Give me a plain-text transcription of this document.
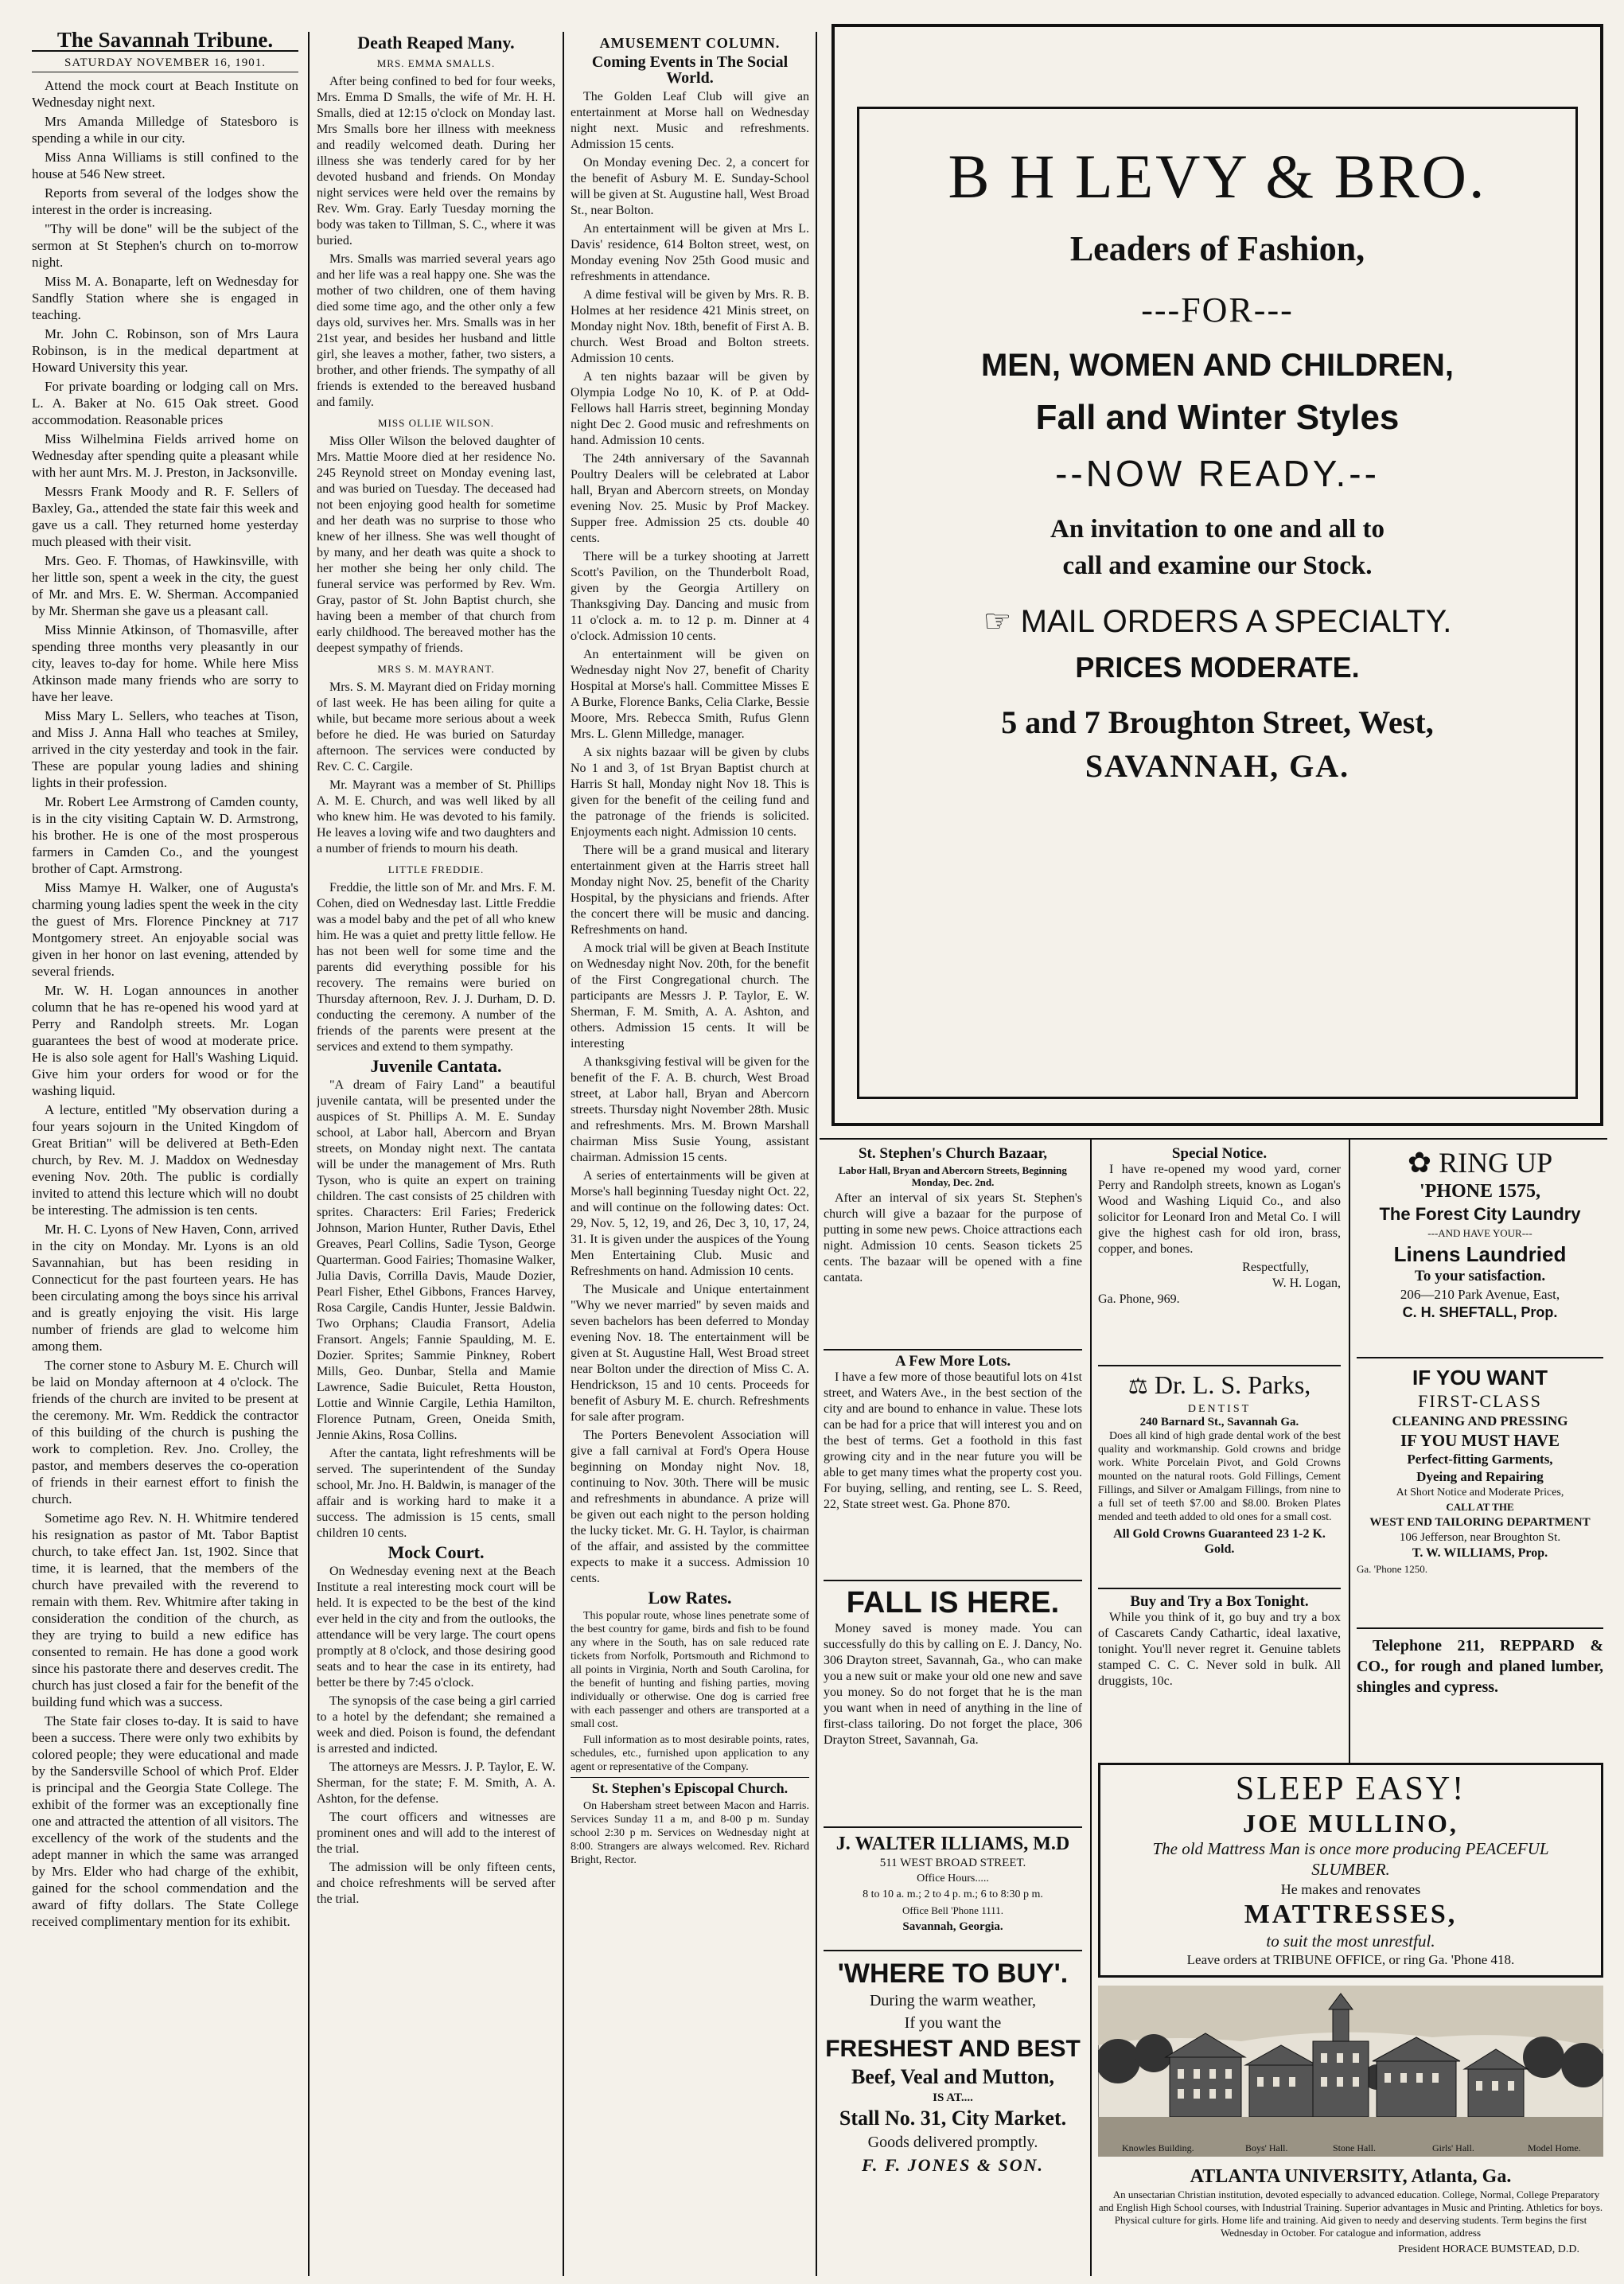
The Savannah Tribune.
SATURDAY NOVEMBER 16, 1901.

Attend the mock court at Beach Institute on Wednesday night next.

Mrs Amanda Milledge of Statesboro is spending a while in our city.

Miss Anna Williams is still confined to the house at 546 New street.

Reports from several of the lodges show the interest in the order is increasing.

"Thy will be done" will be the subject of the sermon at St Stephen's church on to-morrow night.

Miss M. A. Bonaparte, left on Wednesday for Sandfly Station where she is engaged in teaching.

Mr. John C. Robinson, son of Mrs Laura Robinson, is in the medical department at Howard University this year.

For private boarding or lodging call on Mrs. L. A. Baker at No. 615 Oak street. Good accommodation. Reasonable prices

Miss Wilhelmina Fields arrived home on Wednesday after spending quite a pleasant while with her aunt Mrs. M. J. Preston, in Jacksonville.

Messrs Frank Moody and R. F. Sellers of Baxley, Ga., attended the state fair this week and gave us a call. They returned home yesterday much pleased with their visit.

Mrs. Geo. F. Thomas, of Hawkinsville, with her little son, spent a week in the city, the guest of Mr. and Mrs. E. W. Sherman. Accompanied by Mr. Sherman she gave us a pleasant call.

Miss Minnie Atkinson, of Thomasville, after spending three months very pleasantly in our city, leaves to-day for home. While here Miss Atkinson made many friends who are sorry to have her leave.

Miss Mary L. Sellers, who teaches at Tison, and Miss J. Anna Hall who teaches at Smiley, arrived in the city yesterday and took in the fair. These are popular young ladies and shining lights in their profession.

Mr. Robert Lee Armstrong of Camden county, is in the city visiting Captain W. D. Armstrong, his brother. He is one of the most prosperous farmers in Camden Co., and the youngest brother of Capt. Armstrong.

Miss Mamye H. Walker, one of Augusta's charming young ladies spent the week in the city the guest of Mrs. Florence Pinckney at 717 Montgomery street. An enjoyable social was given in her honor on last evening, attended by several friends.

Mr. W. H. Logan announces in another column that he has re-opened his wood yard at Perry and Randolph streets. Mr. Logan guarantees the best of wood at moderate price. He is also sole agent for Hall's Washing Liquid. Give him your orders for wood or for the washing liquid.

A lecture, entitled "My observation during a four years sojourn in the United Kingdom of Great Britian" will be delivered at Beth-Eden church, by Rev. M. J. Maddox on Wednesday evening Nov. 20th. The public is cordially invited to attend this lecture which will no doubt be interesting. The admission is ten cents.

Mr. H. C. Lyons of New Haven, Conn, arrived in the city on Monday. Mr. Lyons is an old Savannahian, but has been residing in Connecticut for the past fourteen years. He has been circulating among the boys since his arrival and is greatly enjoying the visit. His large number of friends are glad to welcome him among them.

The corner stone to Asbury M. E. Church will be laid on Monday afternoon at 4 o'clock. The friends of the church are invited to be present at the ceremony. Mr. Wm. Reddick the contractor of this building of the church is pushing the work to completion. Rev. Jno. Crolley, the pastor, and members deserves the co-operation of friends in their earnest effort to finish the church.

Sometime ago Rev. N. H. Whitmire tendered his resignation as pastor of Mt. Tabor Baptist church, to take effect Jan. 1st, 1902. Since that time, it is learned, that the members of the church have prevailed with the reverend to remain with them. Rev. Whitmire after taking in consideration the condition of the church, as they are trying to build a new edifice has consented to remain. He has done a good work since his pastorate there and deserves credit. The church has just closed a fair for the benefit of the building fund which was a success.

The State fair closes to-day. It is said to have been a success. There were only two exhibits by colored people; they were educational and made by the Sandersville School of which Prof. Elder is principal and the Georgia State College. The exhibit of the former was an exceptionally fine one and attracted the attention of all visitors. The excellency of the work of the students and the adept manner in which the same was arranged by Mrs. Elder who had charge of the exhibit, gained for the school commendation and the award of fifty dollars. The State College received complimentary mention for its exhibit.

Death Reaped Many.
MRS. EMMA SMALLS.

After being confined to bed for four weeks, Mrs. Emma D Smalls, the wife of Mr. H. H. Smalls, died at 12:15 o'clock on Monday last. Mrs Smalls bore her illness with meekness and readily welcomed death. During her illness she was tenderly cared for by her devoted husband and friends. On Monday night services were held over the remains by Rev. Wm. Gray. Early Tuesday morning the body was taken to Tillman, S. C., where it was buried.

Mrs. Smalls was married several years ago and her life was a real happy one. She was the mother of two children, one of them having died some time ago, and the other only a few days old, survives her. Mrs. Smalls was in her 21st year, and besides her husband and little girl, she leaves a mother, father, two sisters, a brother, and other friends. The sympathy of all friends is extended to the bereaved husband and family.

MISS OLLIE WILSON.

Miss Oller Wilson the beloved daughter of Mrs. Mattie Moore died at her residence No. 245 Reynold street on Monday evening last, and was buried on Tuesday. The deceased had not been enjoying good health for sometime and her death was no surprise to those who knew of her illness. She was well thought of by many, and her death was quite a shock to her mother she being her only child. The funeral service was performed by Rev. Wm. Gray, pastor of St. John Baptist church, she having been a member of that church from early childhood. The bereaved mother has the deepest sympathy of friends.

MRS S. M. MAYRANT.

Mrs. S. M. Mayrant died on Friday morning of last week. He has been ailing for quite a while, but became more serious about a week before he died. He was buried on Saturday afternoon. The services were conducted by Rev. C. C. Cargile.

Mr. Mayrant was a member of St. Phillips A. M. E. Church, and was well liked by all who knew him. He was devoted to his family. He leaves a loving wife and two daughters and a number of friends to mourn his death.

LITTLE FREDDIE.

Freddie, the little son of Mr. and Mrs. F. M. Cohen, died on Wednesday last. Little Freddie was a model baby and the pet of all who knew him. He was a quiet and pretty little fellow. He has not been well for some time and the parents did everything possible for his recovery. The remains were buried on Thursday afternoon, Rev. J. J. Durham, D. D. conducting the ceremony. A number of the friends of the parents were present at the services and extend to them sympathy.

Juvenile Cantata.

"A dream of Fairy Land" a beautiful juvenile cantata, will be presented under the auspices of St. Phillips A. M. E. Sunday school, at Labor hall, Abercorn and Bryan streets, on Monday night next. The cantata will be under the management of Mrs. Ruth Tyson, who is quite an expert on training children. The cast consists of 25 children with sprites. Characters: Eril Faries; Frederick Johnson, Marion Hunter, Ruther Davis, Ethel Greaves, Pearl Collins, Sadie Tyson, George Quarterman. Good Fairies; Thomasine Walker, Julia Davis, Corrilla Davis, Maude Dozier, Pearl Fisher, Ethel Gibbons, Frances Harvey, Rosa Cargile, Candis Hunter, Jessie Baldwin. Two Orphans; Claudia Fransort, Adelia Fransort. Angels; Fannie Spaulding, M. E. Dozier. Sprites; Sammie Pinkney, Robert Mills, Geo. Dunbar, Stella and Mamie Lawrence, Sadie Buiculet, Retta Houston, Lottie and Winnie Cargile, Lethia Hamilton, Florence Putnam, Green, Oneida Smith, Jennie Akins, Rosa Collins.

After the cantata, light refreshments will be served. The superintendent of the Sunday school, Mr. Jno. H. Baldwin, is manager of the affair and is working hard to make it a success. The admission is 15 cents, small children 10 cents.

Mock Court.

On Wednesday evening next at the Beach Institute a real interesting mock court will be held. It is expected to be the best of the kind ever held in the city and from the outlooks, the attendance will be very large. The court opens promptly at 8 o'clock, and those desiring good seats and to hear the case in its entirety, had better be there by 7:45 o'clock.

The synopsis of the case being a girl carried to a hotel by the defendant; she remained a week and died. Poison is found, the defendant is arrested and indicted.

The attorneys are Messrs. J. P. Taylor, E. W. Sherman, for the state; F. M. Smith, A. A. Ashton, for the defense.

The court officers and witnesses are prominent ones and will add to the interest of the trial.

The admission will be only fifteen cents, and choice refreshments will be served after the trial.

AMUSEMENT COLUMN.
Coming Events in The Social World.

The Golden Leaf Club will give an entertainment at Morse hall on Wednesday night next. Music and refreshments. Admission 15 cents.

On Monday evening Dec. 2, a concert for the benefit of Asbury M. E. Sunday-School will be given at St. Augustine hall, West Broad St., near Bolton.

An entertainment will be given at Mrs L. Davis' residence, 614 Bolton street, west, on Monday evening Nov 25th Good music and refreshments in attendance.

A dime festival will be given by Mrs. R. B. Holmes at her residence 421 Minis street, on Monday night Nov. 18th, benefit of First A. B. church. West Broad and Bolton streets. Admission 10 cents.

A ten nights bazaar will be given by Olympia Lodge No 10, K. of P. at Odd-Fellows hall Harris street, beginning Monday night Dec 2. Good music and refreshments on hand. Admission 10 cents.

The 24th anniversary of the Savannah Poultry Dealers will be celebrated at Labor hall, Bryan and Abercorn streets, on Monday evening Nov. 25. Music by Prof Mackey. Supper free. Admission 25 cts. double 40 cents.

There will be a turkey shooting at Jarrett Scott's Pavilion, on the Thunderbolt Road, given by the Georgia Artillery on Thanksgiving Day. Dancing and music from 11 o'clock a. m. to 12 p. m. Dinner at 4 o'clock. Admission 10 cents.

An entertainment will be given on Wednesday night Nov 27, benefit of Charity Hospital at Morse's hall. Committee Misses E A Burke, Florence Banks, Celia Clarke, Bessie Moore, Mrs. Rebecca Smith, Rufus Glenn Mrs. L. Glenn Milledge, manager.

A six nights bazaar will be given by clubs No 1 and 3, of 1st Bryan Baptist church at Harris St hall, Monday night Nov 18. This is given for the benefit of the ceiling fund and the patronage of the friends is solicited. Enjoyments each night. Admission 10 cents.

There will be a grand musical and literary entertainment given at the Harris street hall Monday night Nov. 25, benefit of the Charity Hospital, by the physicians and friends. After the concert there will be music and dancing. Refreshments on hand.

A mock trial will be given at Beach Institute on Wednesday night Nov. 20th, for the benefit of the First Congregational church. The participants are Messrs J. P. Taylor, E. W. Sherman, F. M. Smith, A. A. Ashton, and others. Admission 15 cents. It will be interesting

A thanksgiving festival will be given for the benefit of the F. A. B. church, West Broad street, at Labor hall, Bryan and Abercorn streets. Thursday night November 28th. Music and refreshments. Mrs. M. Brown Marshall chairman Miss Susie Young, assistant chairman. Admission 15 cents.

A series of entertainments will be given at Morse's hall beginning Tuesday night Oct. 22, and will continue on the following dates: Oct. 29, Nov. 5, 12, 19, and 26, Dec 3, 10, 17, 24, 31. It is given under the auspices of the Young Men Entertaining Club. Music and Refreshments on hand. Admission 10 cents.

The Musicale and Unique entertainment "Why we never married" by seven maids and seven bachelors has been deferred to Monday evening Nov. 18. The entertainment will be given at St. Augustine Hall, West Broad street near Bolton under the direction of Miss C. A. Hendrickson, 15 and 10 cents. Proceeds for benefit of Asbury M. E. church. Refreshments for sale after program.

The Porters Benevolent Association will give a fall carnival at Ford's Opera House beginning on Monday night Nov. 18, continuing to Nov. 30th. There will be music and refreshments in abundance. A prize will be given out each night to the person holding the lucky ticket. Mr. G. H. Taylor, is chairman of the affair, and assisted by the committee expects to make it a success. Admission 10 cents.

Low Rates.

This popular route, whose lines penetrate some of the best country for game, birds and fish to be found any where in the South, has on sale reduced rate tickets from Norfolk, Portsmouth and Richmond to all points in Virginia, North and South Carolina, for the benefit of hunting and fishing parties, moving individually or otherwise. One dog is carried free with each passenger and others are transported at a small cost.

Full information as to most desirable points, rates, schedules, etc., furnished upon application to any agent or representative of the Company.

St. Stephen's Episcopal Church.

On Habersham street between Macon and Harris. Services Sunday 11 a m, and 8-00 p m. Sunday school 2:30 p m. Services on Wednesday night at 8:00. Strangers are always welcomed. Rev. Richard Bright, Rector.

B H LEVY & BRO.
Leaders of Fashion,
---FOR---
MEN, WOMEN AND CHILDREN,
Fall and Winter Styles
--NOW READY.--
An invitation to one and all to
call and examine our Stock.
☞ MAIL ORDERS A SPECIALTY.
PRICES MODERATE.
5 and 7 Broughton Street, West,
SAVANNAH, GA.
St. Stephen's Church Bazaar,
Labor Hall, Bryan and Abercorn Streets, Beginning Monday, Dec. 2nd.

After an interval of six years St. Stephen's church will give a bazaar for the purpose of putting in some new pews. Choice attractions each night. Admission 10 cents. Season tickets 25 cents. The bazaar will be opened with a fine cantata.

A Few More Lots.

I have a few more of those beautiful lots on 41st street, and Waters Ave., in the best section of the city and are bound to enhance in value. These lots can be had for a price that will interest you and on the best of terms. Get a foothold in this fast growing city and in the near future you will be able to get many times what the property cost you. For buying, selling, and renting, see L. S. Reed, 22, State street west. Ga. Phone 870.

FALL IS HERE.

Money saved is money made. You can successfully do this by calling on E. J. Dancy, No. 306 Drayton street, Savannah, Ga., who can make you a new suit or make your old one new and save you money. So do not forget that he is the man you want when in need of anything in the line of first-class tailoring. Do not forget the place, 306 Drayton Street, Savannah, Ga.

J. WALTER ILLIAMS, M.D
511 WEST BROAD STREET.
Office Hours.....
8 to 10 a. m.; 2 to 4 p. m.; 6 to 8:30 p m.
Office Bell 'Phone 1111.
Savannah, Georgia.
'WHERE TO BUY'.
During the warm weather,
If you want the
FRESHEST AND BEST
Beef, Veal and Mutton,
IS AT....
Stall No. 31, City Market.
Goods delivered promptly.
F. F. JONES & SON.
Special Notice.

I have re-opened my wood yard, corner Perry and Randolph streets, known as Logan's Wood and Washing Liquid Co., and also solicitor for Leonard Iron and Metal Co. I will give the highest cash for old iron, brass, copper, and bones.

Respectfully,
W. H. Logan,
Ga. Phone, 969.
⚖ Dr. L. S. Parks,
DENTIST
240 Barnard St., Savannah Ga.

Does all kind of high grade dental work of the best quality and workmanship. Gold crowns and bridge work. White Porcelain Pivot, and Gold Crowns mounted on the natural roots. Gold Fillings, Cement Fillings, and Silver or Amalgam Fillings, from nine to a full set of teeth $7.00 and $8.00. Broken Plates mended and teeth added to old ones for a small cost.

All Gold Crowns Guaranteed 23 1-2 K. Gold.
Buy and Try a Box Tonight.

While you think of it, go buy and try a box of Cascarets Candy Cathartic, ideal laxative, tonight. You'll never regret it. Genuine tablets stamped C. C. C. Never sold in bulk. All druggists, 10c.

✿ RING UP
'PHONE 1575,
The Forest City Laundry
---AND HAVE YOUR---
Linens Laundried
To your satisfaction.
206—210 Park Avenue, East,
C. H. SHEFTALL, Prop.
IF YOU WANT
FIRST-CLASS
CLEANING AND PRESSING
IF YOU MUST HAVE
Perfect-fitting Garments,
Dyeing and Repairing
At Short Notice and Moderate Prices,
CALL AT THE
WEST END TAILORING DEPARTMENT
106 Jefferson, near Broughton St.
T. W. WILLIAMS, Prop.
Ga. 'Phone 1250.

Telephone 211, REPPARD & CO., for rough and planed lumber, shingles and cypress.

SLEEP EASY!
JOE MULLINO,
The old Mattress Man is once more producing PEACEFUL SLUMBER.
He makes and renovates
MATTRESSES,
to suit the most unrestful.
Leave orders at TRIBUNE OFFICE, or ring Ga. 'Phone 418.
Knowles Building.	Boys' Hall.	Stone Hall.	Girls' Hall.	Model Home.
ATLANTA UNIVERSITY, Atlanta, Ga.

An unsectarian Christian institution, devoted especially to advanced education. College, Normal, College Preparatory and English High School courses, with Industrial Training. Superior advantages in Music and Printing. Athletics for boys. Physical culture for girls. Home life and training. Aid given to needy and deserving students. Term begins the first Wednesday in October. For catalogue and information, address

President HORACE BUMSTEAD, D.D.
